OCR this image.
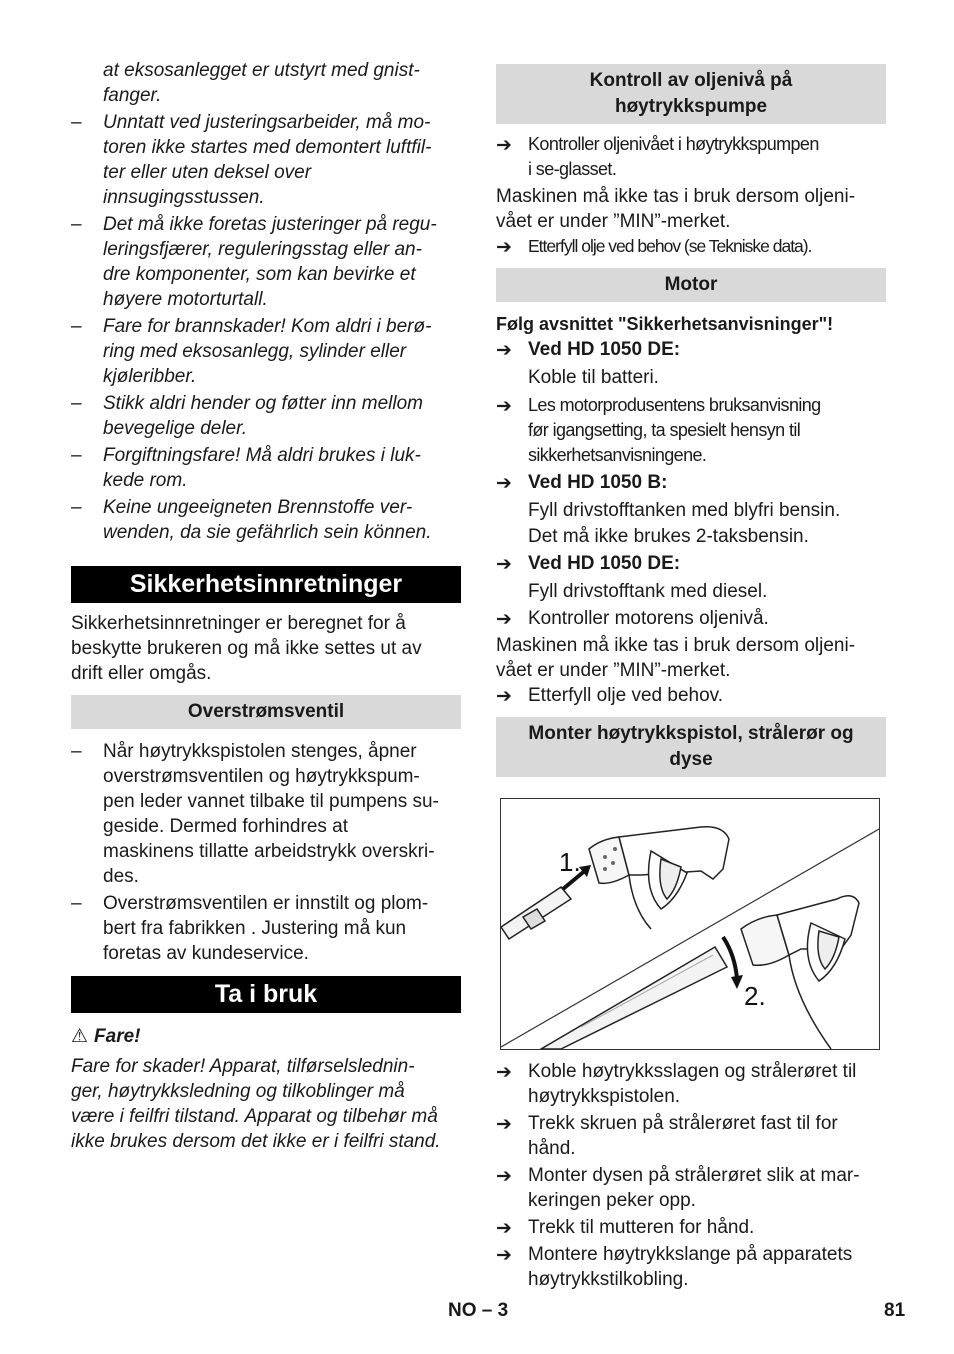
at eksosanlegget er utstyrt med gnist-
fanger.
– Unntatt ved justeringsarbeider, må mo-
toren ikke startes med demontert luftfil-
ter eller uten deksel over
innsugingsstussen.
– Det må ikke foretas justeringer på regu-
leringsfjærer, reguleringsstag eller an-
dre komponenter, som kan bevirke et
høyere motorturtall.
– Fare for brannskader! Kom aldri i berø-
ring med eksosanlegg, sylinder eller
kjøleribber.
– Stikk aldri hender og føtter inn mellom
bevegelige deler.
– Forgiftningsfare! Må aldri brukes i luk-
kede rom.
– Keine ungeeigneten Brennstoffe ver-
wenden, da sie gefährlich sein können.
Sikkerhetsinnretninger

Sikkerhetsinnretninger er beregnet for å
beskytte brukeren og må ikke settes ut av
drift eller omgås.

Overstrømsventil
– Når høytrykkspistolen stenges, åpner
overstrømsventilen og høytrykkspum-
pen leder vannet tilbake til pumpens su-
geside. Dermed forhindres at
maskinens tillatte arbeidstrykk overskri-
des.
– Overstrømsventilen er innstilt og plom-
bert fra fabrikken . Justering må kun
foretas av kundeservice.
Ta i bruk
⚠ Fare!
Fare for skader! Apparat, tilførselslednin-
ger, høytrykksledning og tilkoblinger må
være i feilfri tilstand. Apparat og tilbehør må
ikke brukes dersom det ikke er i feilfri stand.
Kontroll av oljenivå på
høytrykkspumpe
➔ Kontroller oljenivået i høytrykkspumpen
i se-glasset.

Maskinen må ikke tas i bruk dersom oljeni-
vået er under ”MIN”-merket.

➔ Etterfyll olje ved behov (se Tekniske data).
Motor
Følg avsnittet "Sikkerhetsanvisninger"!
➔ Ved HD 1050 DE:
Koble til batteri.
➔ Les motorprodusentens bruksanvisning
før igangsetting, ta spesielt hensyn til
sikkerhetsanvisningene.
➔ Ved HD 1050 B:
Fyll drivstofftanken med blyfri bensin.
Det må ikke brukes 2-taksbensin.
➔ Ved HD 1050 DE:
Fyll drivstofftank med diesel.
➔ Kontroller motorens oljenivå.

Maskinen må ikke tas i bruk dersom oljeni-
vået er under ”MIN”-merket.

➔ Etterfyll olje ved behov.
Monter høytrykkspistol, strålerør og
dyse
1.
2.
➔ Koble høytrykksslagen og strålerøret til
høytrykkspistolen.
➔ Trekk skruen på strålerøret fast til for
hånd.
➔ Monter dysen på strålerøret slik at mar-
keringen peker opp.
➔ Trekk til mutteren for hånd.
➔ Montere høytrykkslange på apparatets
høytrykkstilkobling.
NO – 3	81
